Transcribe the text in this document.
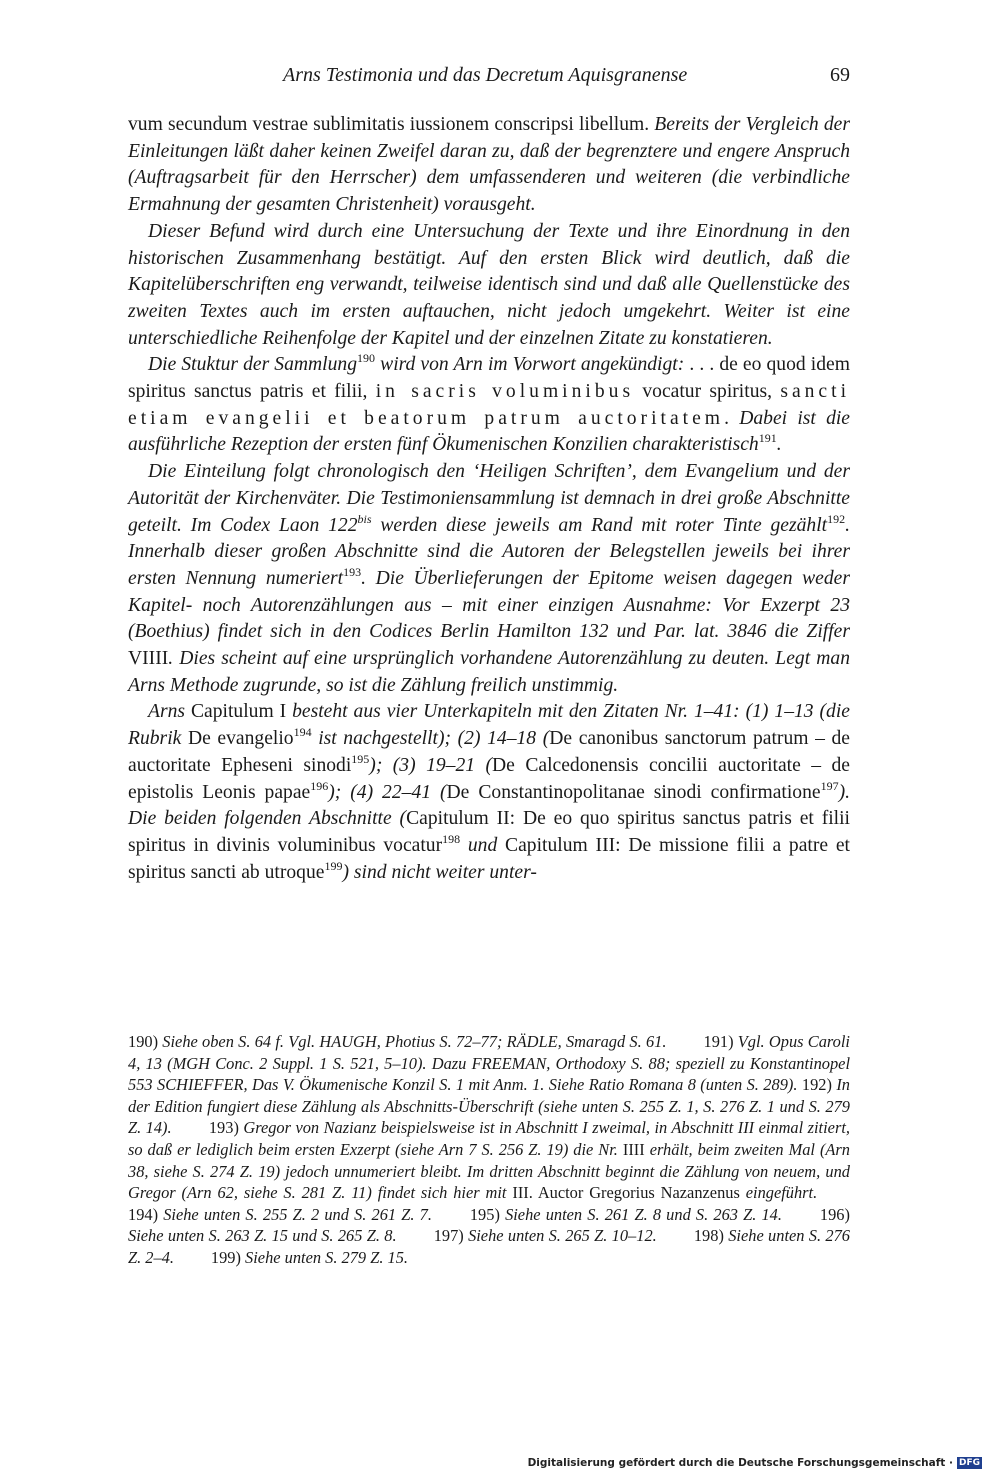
Arns Testimonia und das Decretum Aquisgranense	69

vum secundum vestrae sublimitatis iussionem conscripsi libellum. Bereits der Vergleich der Einleitungen läßt daher keinen Zweifel daran zu, daß der begrenztere und engere Anspruch (Auftragsarbeit für den Herrscher) dem umfassenderen und weiteren (die verbindliche Ermahnung der gesamten Christenheit) vorausgeht.

Dieser Befund wird durch eine Untersuchung der Texte und ihre Einordnung in den historischen Zusammenhang bestätigt. Auf den ersten Blick wird deutlich, daß die Kapitelüberschriften eng verwandt, teilweise identisch sind und daß alle Quellenstücke des zweiten Textes auch im ersten auftauchen, nicht jedoch umgekehrt. Weiter ist eine unterschiedliche Reihenfolge der Kapitel und der einzelnen Zitate zu konstatieren.

Die Stuktur der Sammlung$^{190}$ wird von Arn im Vorwort angekündigt: . . . de eo quod idem spiritus sanctus patris et filii, in sacris voluminibus vocatur spiritus, sancti etiam evangelii et beatorum patrum auctoritatem. Dabei ist die ausführliche Rezeption der ersten fünf Ökumenischen Konzilien charakteristisch$^{191}$.

Die Einteilung folgt chronologisch den ‘Heiligen Schriften’, dem Evangelium und der Autorität der Kirchenväter. Die Testimoniensammlung ist demnach in drei große Abschnitte geteilt. Im Codex Laon $122^{bis}$ werden diese jeweils am Rand mit roter Tinte gezählt$^{192}$. Innerhalb dieser großen Abschnitte sind die Autoren der Belegstellen jeweils bei ihrer ersten Nennung numeriert$^{193}$. Die Überlieferungen der Epitome weisen dagegen weder Kapitel- noch Autorenzählungen aus – mit einer einzigen Ausnahme: Vor Exzerpt 23 (Boethius) findet sich in den Codices Berlin Hamilton 132 und Par. lat. 3846 die Ziffer VIIII. Dies scheint auf eine ursprünglich vorhandene Autorenzählung zu deuten. Legt man Arns Methode zugrunde, so ist die Zählung freilich unstimmig.

Arns Capitulum I besteht aus vier Unterkapiteln mit den Zitaten Nr. 1–41: (1) 1–13 (die Rubrik De evangelio$^{194}$ ist nachgestellt); (2) 14–18 (De canonibus sanctorum patrum – de auctoritate Epheseni sinodi$^{195}$); (3) 19–21 (De Calcedonensis concilii auctoritate – de epistolis Leonis papae$^{196}$); (4) 22–41 (De Constantinopolitanae sinodi confirmatione$^{197}$). Die beiden folgenden Abschnitte (Capitulum II: De eo quo spiritus sanctus patris et filii spiritus in divinis voluminibus vocatur$^{198}$ und Capitulum III: De missione filii a patre et spiritus sancti ab utroque$^{199}$) sind nicht weiter unter-

190) Siehe oben S. 64 f. Vgl. HAUGH, Photius S. 72–77; RÄDLE, Smaragd S. 61.   191) Vgl. Opus Caroli 4, 13 (MGH Conc. 2 Suppl. 1 S. 521, 5–10). Dazu FREEMAN, Orthodoxy S. 88; speziell zu Konstantinopel 553 SCHIEFFER, Das V. Ökumenische Konzil S. 1 mit Anm. 1. Siehe Ratio Romana 8 (unten S. 289). 192) In der Edition fungiert diese Zählung als Abschnitts-Überschrift (siehe unten S. 255 Z. 1, S. 276 Z. 1 und S. 279 Z. 14).   193) Gregor von Nazianz beispielsweise ist in Abschnitt I zweimal, in Abschnitt III einmal zitiert, so daß er lediglich beim ersten Exzerpt (siehe Arn 7 S. 256 Z. 19) die Nr. IIII erhält, beim zweiten Mal (Arn 38, siehe S. 274 Z. 19) jedoch unnumeriert bleibt. Im dritten Abschnitt beginnt die Zählung von neuem, und Gregor (Arn 62, siehe S. 281 Z. 11) findet sich hier mit III. Auctor Gregorius Nazanzenus eingeführt.   194) Siehe unten S. 255 Z. 2 und S. 261 Z. 7.   195) Siehe unten S. 261 Z. 8 und S. 263 Z. 14.   196) Siehe unten S. 263 Z. 15 und S. 265 Z. 8.   197) Siehe unten S. 265 Z. 10–12.   198) Siehe unten S. 276 Z. 2–4.   199) Siehe unten S. 279 Z. 15.

Digitalisierung gefördert durch die Deutsche Forschungsgemeinschaft · DFG
